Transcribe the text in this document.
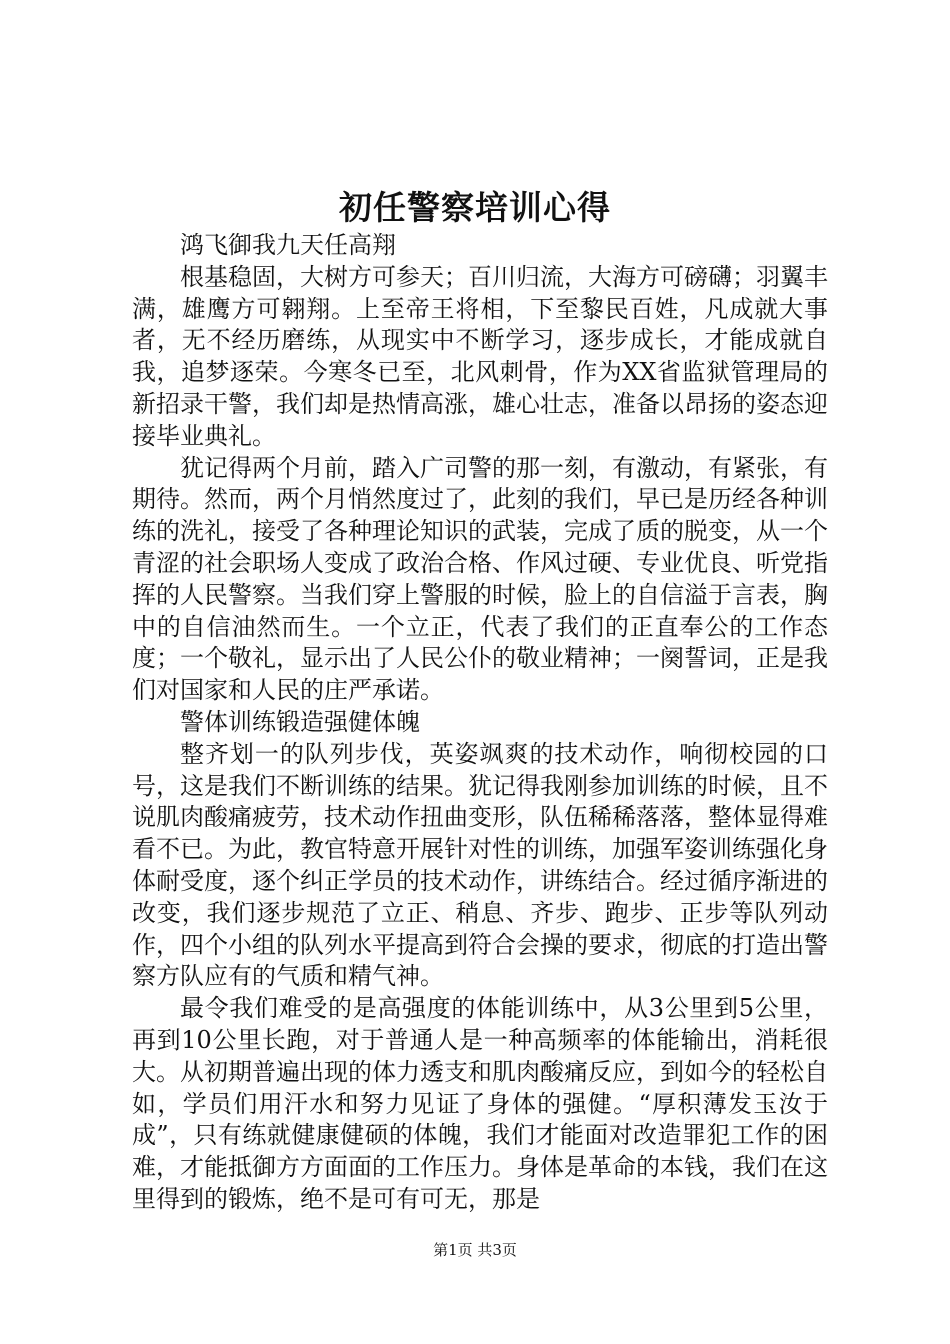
初任警察培训心得

鸿飞御我九天任高翔

根基稳固，大树方可参天；百川归流，大海方可磅礴；羽翼丰满，雄鹰方可翱翔。上至帝王将相，下至黎民百姓，凡成就大事者，无不经历磨练，从现实中不断学习，逐步成长，才能成就自我，追梦逐荣。今寒冬已至，北风刺骨，作为XX省监狱管理局的新招录干警，我们却是热情高涨，雄心壮志，准备以昂扬的姿态迎接毕业典礼。

犹记得两个月前，踏入广司警的那一刻，有激动，有紧张，有期待。然而，两个月悄然度过了，此刻的我们，早已是历经各种训练的洗礼，接受了各种理论知识的武装，完成了质的脱变，从一个青涩的社会职场人变成了政治合格、作风过硬、专业优良、听党指挥的人民警察。当我们穿上警服的时候，脸上的自信溢于言表，胸中的自信油然而生。一个立正，代表了我们的正直奉公的工作态度；一个敬礼，显示出了人民公仆的敬业精神；一阕誓词，正是我们对国家和人民的庄严承诺。

警体训练锻造强健体魄

整齐划一的队列步伐，英姿飒爽的技术动作，响彻校园的口号，这是我们不断训练的结果。犹记得我刚参加训练的时候，且不说肌肉酸痛疲劳，技术动作扭曲变形，队伍稀稀落落，整体显得难看不已。为此，教官特意开展针对性的训练，加强军姿训练强化身体耐受度，逐个纠正学员的技术动作，讲练结合。经过循序渐进的改变，我们逐步规范了立正、稍息、齐步、跑步、正步等队列动作，四个小组的队列水平提高到符合会操的要求，彻底的打造出警察方队应有的气质和精气神。

最令我们难受的是高强度的体能训练中，从3公里到5公里，再到10公里长跑，对于普通人是一种高频率的体能输出，消耗很大。从初期普遍出现的体力透支和肌肉酸痛反应，到如今的轻松自如，学员们用汗水和努力见证了身体的强健。“厚积薄发玉汝于成”，只有练就健康健硕的体魄，我们才能面对改造罪犯工作的困难，才能抵御方方面面的工作压力。身体是革命的本钱，我们在这里得到的锻炼，绝不是可有可无，那是

第1页 共3页
